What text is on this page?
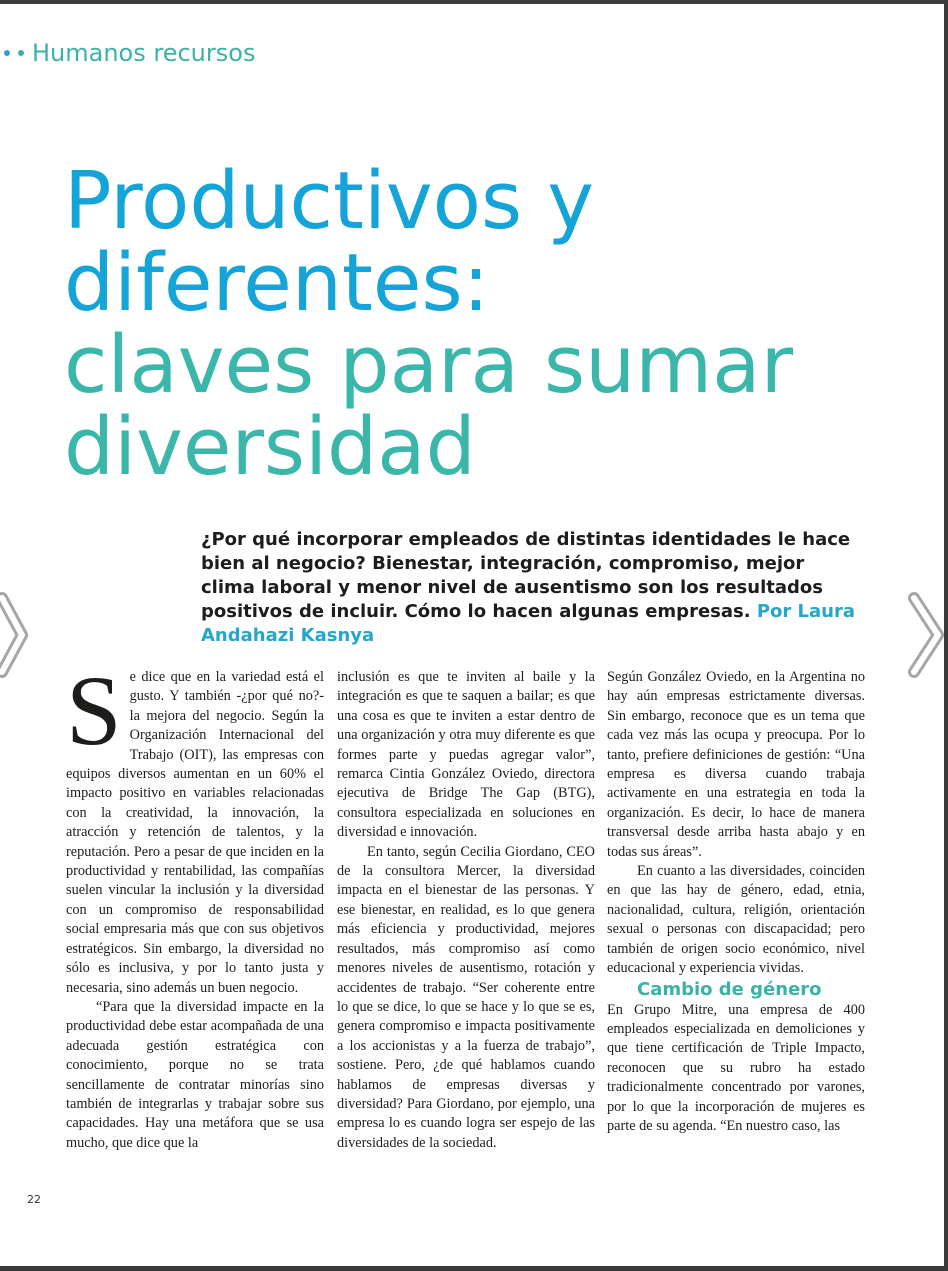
Humanos recursos
Productivos y
diferentes:
claves para sumar
diversidad

¿Por qué incorporar empleados de distintas identidades le hace bien al negocio? Bienestar, integración, compromiso, mejor clima laboral y menor nivel de ausentismo son los resultados positivos de incluir. Cómo lo hacen algunas empresas. Por Laura Andahazi Kasnya

Se dice que en la variedad está el gusto. Y también -¿por qué no?- la mejora del negocio. Según la Organización Internacional del Trabajo (OIT), las empresas con equipos diversos aumentan en un 60% el impacto positivo en variables relacionadas con la creatividad, la innovación, la atracción y retención de talentos, y la reputación. Pero a pesar de que inciden en la productividad y rentabilidad, las compañías suelen vincular la inclusión y la diversidad con un compromiso de responsabilidad social empresaria más que con sus objetivos estratégicos. Sin embargo, la diversidad no sólo es inclusiva, y por lo tanto justa y necesaria, sino además un buen negocio.

“Para que la diversidad impacte en la productividad debe estar acompañada de una adecuada gestión estratégica con conocimiento, porque no se trata sencillamente de contratar minorías sino también de integrarlas y trabajar sobre sus capacidades. Hay una metáfora que se usa mucho, que dice que la

inclusión es que te inviten al baile y la integración es que te saquen a bailar; es que una cosa es que te inviten a estar dentro de una organización y otra muy diferente es que formes parte y puedas agregar valor”, remarca Cintia González Oviedo, directora ejecutiva de Bridge The Gap (BTG), consultora especializada en soluciones en diversidad e innovación.

En tanto, según Cecilia Giordano, CEO de la consultora Mercer, la diversidad impacta en el bienestar de las personas. Y ese bienestar, en realidad, es lo que genera más eficiencia y productividad, mejores resultados, más compromiso así como menores niveles de ausentismo, rotación y accidentes de trabajo. “Ser coherente entre lo que se dice, lo que se hace y lo que se es, genera compromiso e impacta positivamente a los accionistas y a la fuerza de trabajo”, sostiene. Pero, ¿de qué hablamos cuando hablamos de empresas diversas y diversidad? Para Giordano, por ejemplo, una empresa lo es cuando logra ser espejo de las diversidades de la sociedad.

Según González Oviedo, en la Argentina no hay aún empresas estrictamente diversas. Sin embargo, reconoce que es un tema que cada vez más las ocupa y preocupa. Por lo tanto, prefiere definiciones de gestión: “Una empresa es diversa cuando trabaja activamente en una estrategia en toda la organización. Es decir, lo hace de manera transversal desde arriba hasta abajo y en todas sus áreas”.

En cuanto a las diversidades, coinciden en que las hay de género, edad, etnia, nacionalidad, cultura, religión, orientación sexual o personas con discapacidad; pero también de origen socio económico, nivel educacional y experiencia vividas.

Cambio de género

En Grupo Mitre, una empresa de 400 empleados especializada en demoliciones y que tiene certificación de Triple Impacto, reconocen que su rubro ha estado tradicionalmente concentrado por varones, por lo que la incorporación de mujeres es parte de su agenda. “En nuestro caso, las

22
